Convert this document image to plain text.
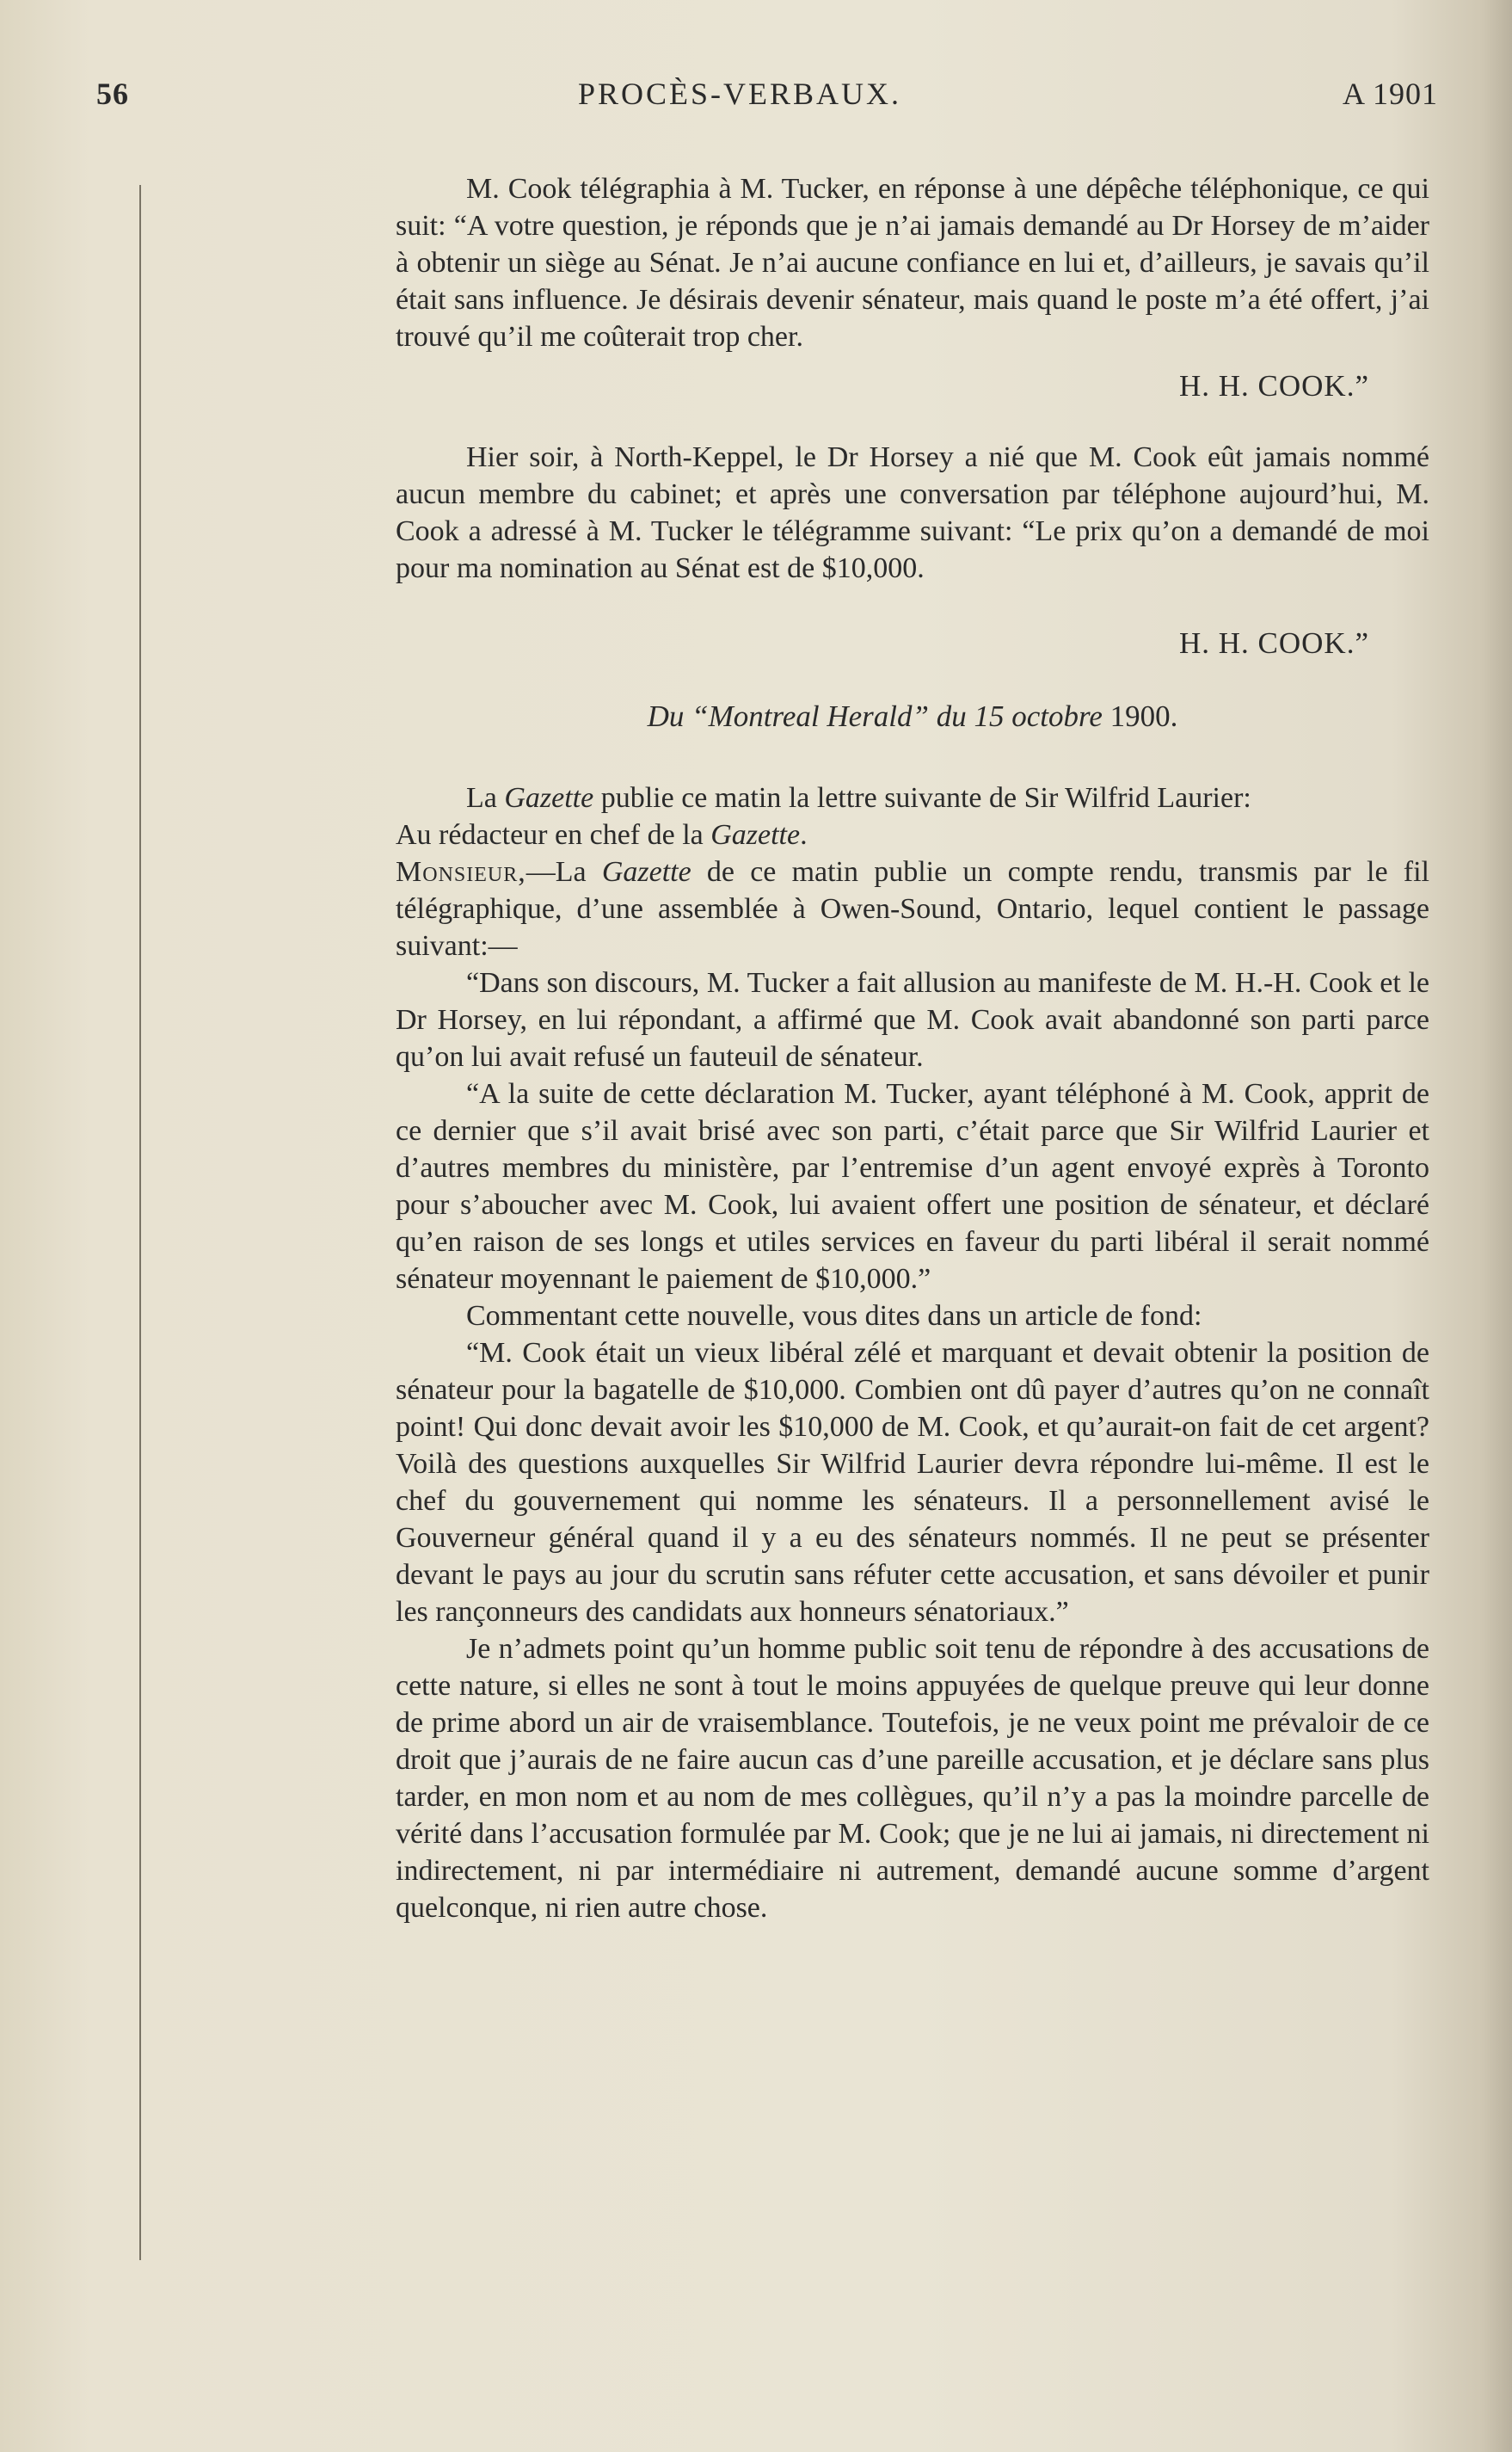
56	PROCÈS-VERBAUX.	A 1901

M. Cook télégraphia à M. Tucker, en réponse à une dépêche téléphonique, ce qui suit: “A votre question, je réponds que je n’ai jamais demandé au Dr Horsey de m’aider à obtenir un siège au Sénat. Je n’ai aucune confiance en lui et, d’ailleurs, je savais qu’il était sans influence. Je désirais devenir sénateur, mais quand le poste m’a été offert, j’ai trouvé qu’il me coûterait trop cher.

H. H. COOK.”

Hier soir, à North-Keppel, le Dr Horsey a nié que M. Cook eût jamais nommé aucun membre du cabinet; et après une conversation par téléphone aujourd’hui, M. Cook a adressé à M. Tucker le télégramme suivant: “Le prix qu’on a demandé de moi pour ma nomination au Sénat est de $10,000.

H. H. COOK.”
Du “Montreal Herald” du 15 octobre 1900.

La Gazette publie ce matin la lettre suivante de Sir Wilfrid Laurier:

Au rédacteur en chef de la Gazette.

Monsieur,—La Gazette de ce matin publie un compte rendu, transmis par le fil télégraphique, d’une assemblée à Owen-Sound, Ontario, lequel contient le passage suivant:—

“Dans son discours, M. Tucker a fait allusion au manifeste de M. H.-H. Cook et le Dr Horsey, en lui répondant, a affirmé que M. Cook avait abandonné son parti parce qu’on lui avait refusé un fauteuil de sénateur.

“A la suite de cette déclaration M. Tucker, ayant téléphoné à M. Cook, apprit de ce dernier que s’il avait brisé avec son parti, c’était parce que Sir Wilfrid Laurier et d’autres membres du ministère, par l’entremise d’un agent envoyé exprès à Toronto pour s’aboucher avec M. Cook, lui avaient offert une position de sénateur, et déclaré qu’en raison de ses longs et utiles services en faveur du parti libéral il serait nommé sénateur moyennant le paiement de $10,000.”

Commentant cette nouvelle, vous dites dans un article de fond:

“M. Cook était un vieux libéral zélé et marquant et devait obtenir la position de sénateur pour la bagatelle de $10,000. Combien ont dû payer d’autres qu’on ne connaît point! Qui donc devait avoir les $10,000 de M. Cook, et qu’aurait-on fait de cet argent? Voilà des questions auxquelles Sir Wilfrid Laurier devra répondre lui-même. Il est le chef du gouvernement qui nomme les sénateurs. Il a personnellement avisé le Gouverneur général quand il y a eu des sénateurs nommés. Il ne peut se présenter devant le pays au jour du scrutin sans réfuter cette accusation, et sans dévoiler et punir les rançonneurs des candidats aux honneurs sénatoriaux.”

Je n’admets point qu’un homme public soit tenu de répondre à des accusations de cette nature, si elles ne sont à tout le moins appuyées de quelque preuve qui leur donne de prime abord un air de vraisemblance. Toutefois, je ne veux point me prévaloir de ce droit que j’aurais de ne faire aucun cas d’une pareille accusation, et je déclare sans plus tarder, en mon nom et au nom de mes collègues, qu’il n’y a pas la moindre parcelle de vérité dans l’accusation formulée par M. Cook; que je ne lui ai jamais, ni directement ni indirectement, ni par intermédiaire ni autrement, demandé aucune somme d’argent quelconque, ni rien autre chose.
